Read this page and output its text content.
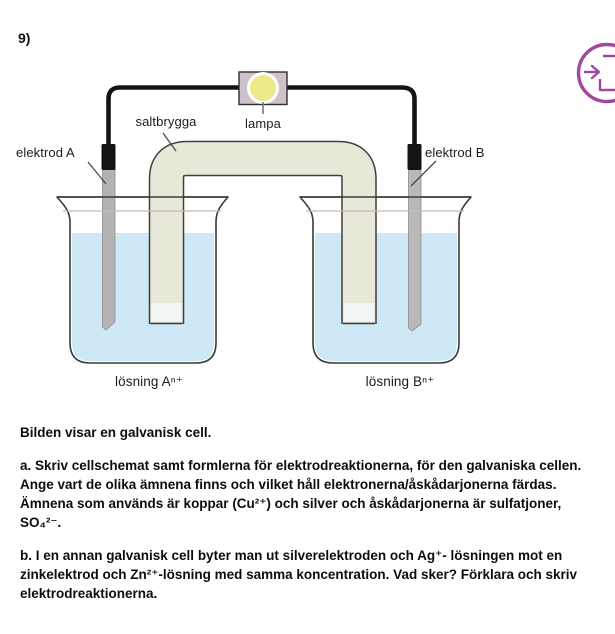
9)
saltbrygga	lampa
elektrod A	elektrod B
lösning Aⁿ⁺	lösning Bⁿ⁺
Bilden visar en galvanisk cell.
a. Skriv cellschemat samt formlerna för elektrodreaktionerna, för den galvaniska cellen. Ange vart de olika ämnena finns och vilket håll elektronerna/åskådarjonerna färdas. Ämnena som används är koppar (Cu²⁺) och silver och åskådarjonerna är sulfatjoner, SO₄²⁻.
b. I en annan galvanisk cell byter man ut silverelektroden och Ag⁺- lösningen mot en zinkelektrod och Zn²⁺-lösning med samma koncentration. Vad sker? Förklara och skriv elektrodreaktionerna.
